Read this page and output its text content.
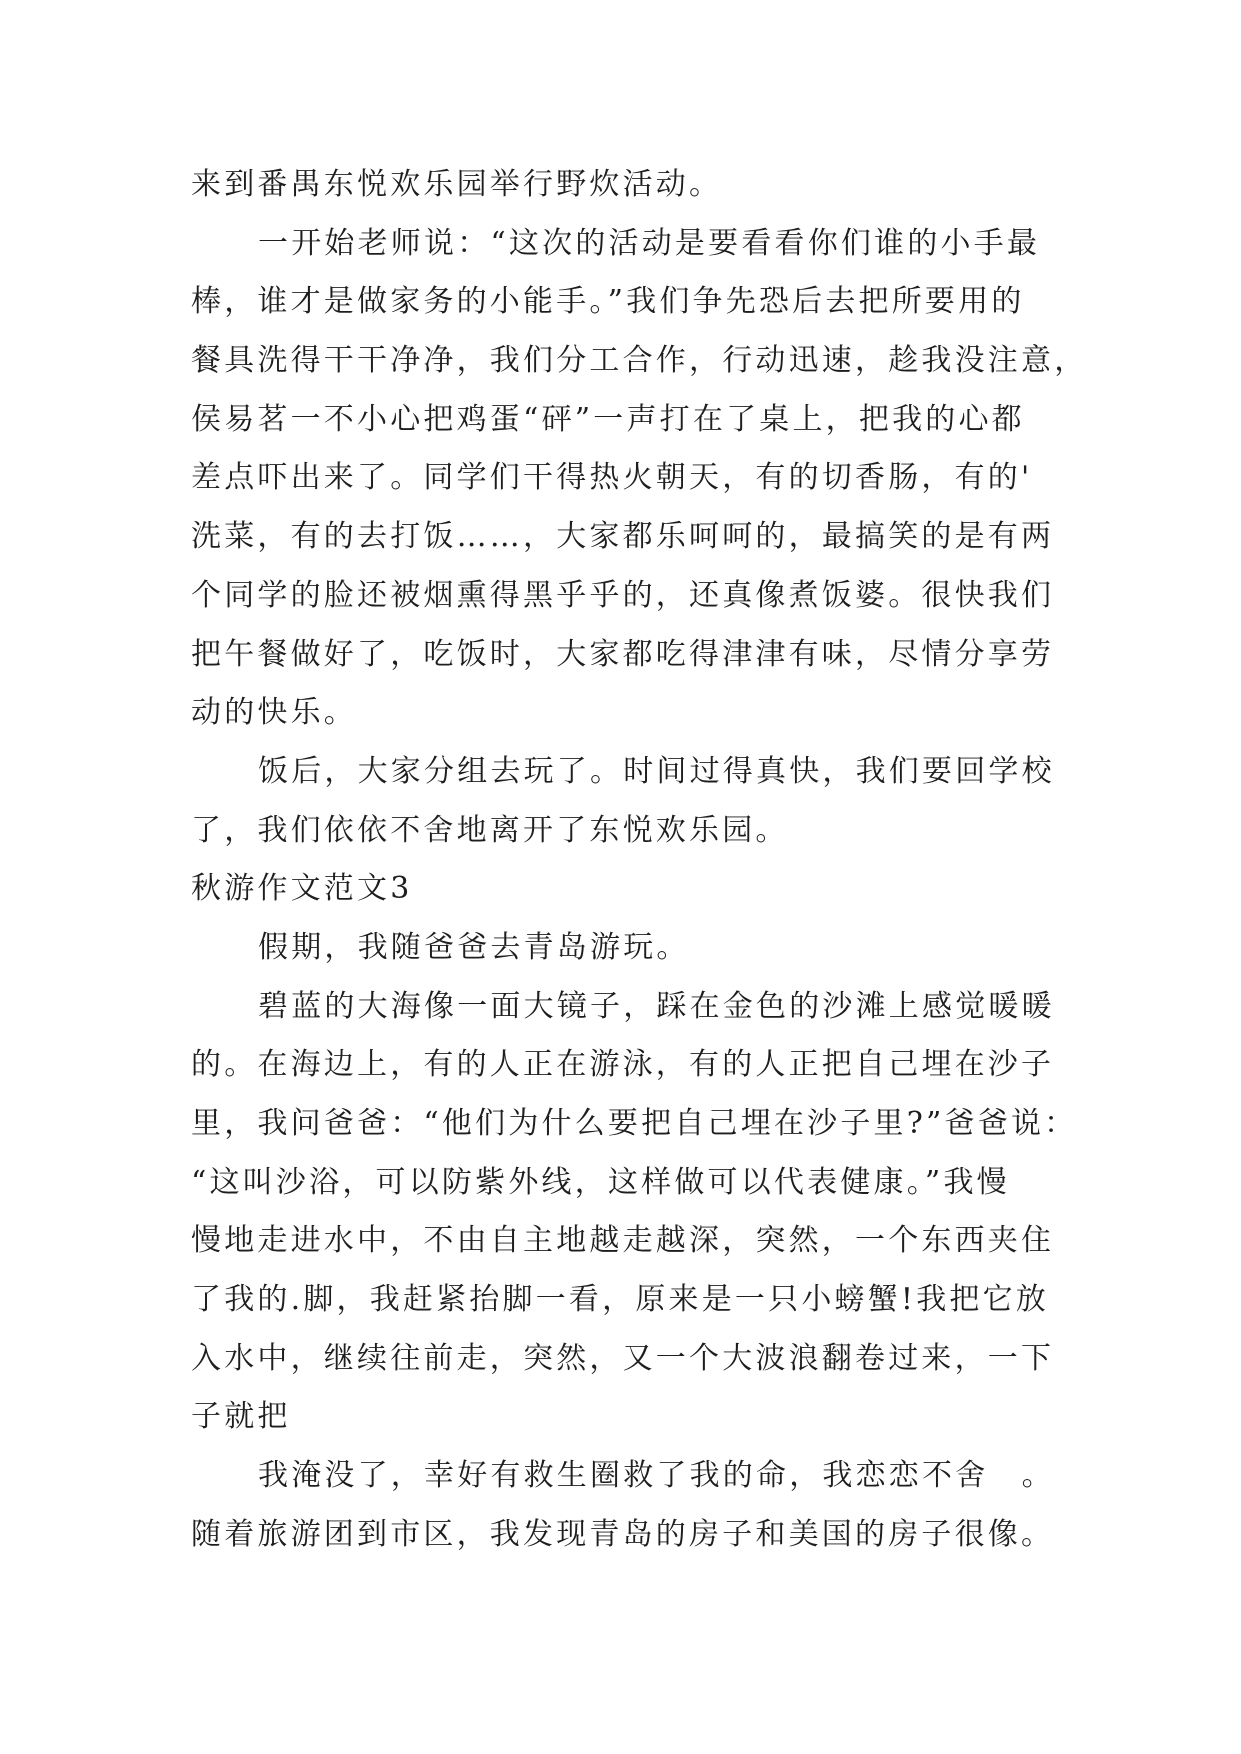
来到番禺东悦欢乐园举行野炊活动。
一开始老师说：“这次的活动是要看看你们谁的小手最
棒，谁才是做家务的小能手。”我们争先恐后去把所要用的
餐具洗得干干净净，我们分工合作，行动迅速，趁我没注意，
侯易茗一不小心把鸡蛋“砰”一声打在了桌上，把我的心都
差点吓出来了。同学们干得热火朝天，有的切香肠，有的'
洗菜，有的去打饭……，大家都乐呵呵的，最搞笑的是有两
个同学的脸还被烟熏得黑乎乎的，还真像煮饭婆。很快我们
把午餐做好了，吃饭时，大家都吃得津津有味，尽情分享劳
动的快乐。
饭后，大家分组去玩了。时间过得真快，我们要回学校
了，我们依依不舍地离开了东悦欢乐园。
秋游作文范文3
假期，我随爸爸去青岛游玩。
碧蓝的大海像一面大镜子，踩在金色的沙滩上感觉暖暖
的。在海边上，有的人正在游泳，有的人正把自己埋在沙子
里，我问爸爸：“他们为什么要把自己埋在沙子里?”爸爸说：
“这叫沙浴，可以防紫外线，这样做可以代表健康。”我慢
慢地走进水中，不由自主地越走越深，突然，一个东西夹住
了我的.脚，我赶紧抬脚一看，原来是一只小螃蟹!我把它放
入水中，继续往前走，突然，又一个大波浪翻卷过来，一下
子就把
我淹没了，幸好有救生圈救了我的命，我恋恋不舍　。
随着旅游团到市区，我发现青岛的房子和美国的房子很像。
